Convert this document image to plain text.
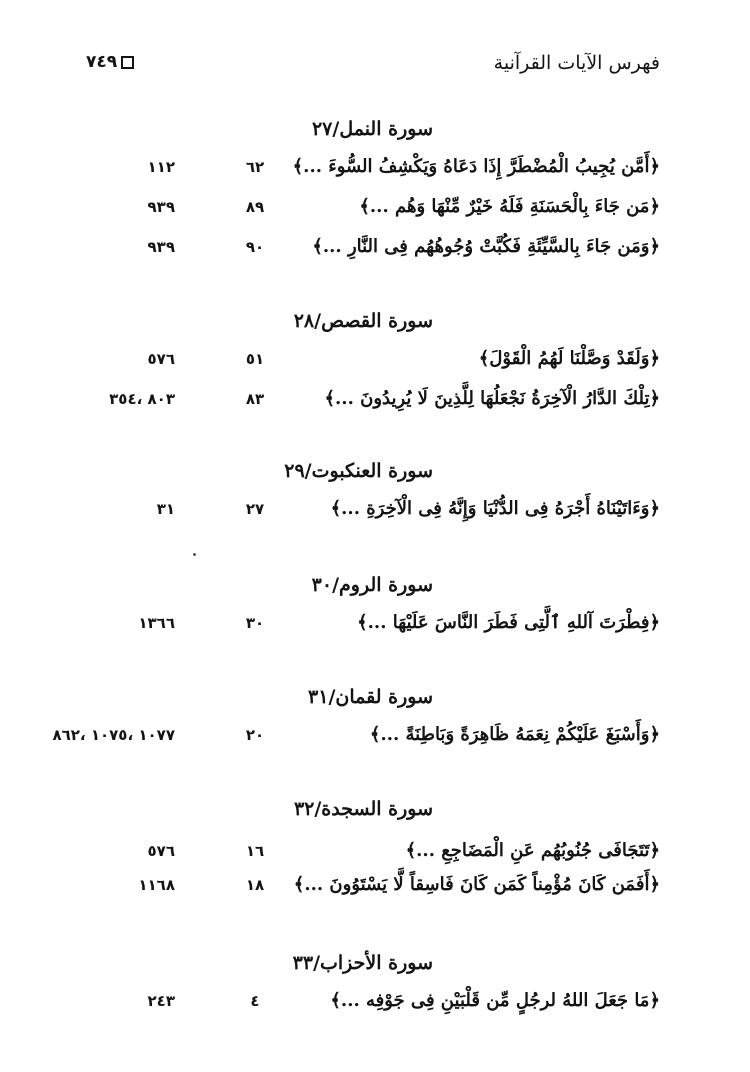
فهرس الآيات القرآنية
٧٤٩
سورة النمل/٢٧
﴿أَمَّن يُجِيبُ الْمُضْطَرَّ إِذَا دَعَاهُ وَيَكْشِفُ السُّوءَ ...﴾
٦٢
١١٢
﴿مَن جَاءَ بِالْحَسَنَةِ فَلَهُ خَيْرٌ مِّنْهَا وَهُم ...﴾
٨٩
٩٣٩
﴿وَمَن جَاءَ بِالسَّيِّئَةِ فَكُبَّتْ وُجُوهُهُم فِى النَّارِ ...﴾
٩٠
٩٣٩
سورة القصص/٢٨
﴿وَلَقَدْ وَصَّلْنَا لَهُمُ الْقَوْلَ﴾
٥١
٥٧٦
﴿تِلْكَ الدَّارُ الْآخِرَةُ نَجْعَلُهَا لِلَّذِينَ لَا يُرِيدُونَ ...﴾
٨٣
٨٠٣ ،٣٥٤
سورة العنكبوت/٢٩
﴿وَءَاتَيْنَاهُ أَجْرَهُ فِى الدُّنْيَا وَإِنَّهُ فِى الْآخِرَةِ ...﴾
٢٧
٣١
سورة الروم/٣٠
﴿فِطْرَتَ آللهِ ٱلَّتِى فَطَرَ النَّاسَ عَلَيْهَا ...﴾
٣٠
١٣٦٦
سورة لقمان/٣١
﴿وَأَسْبَغَ عَلَيْكُمْ نِعَمَهُ ظَاهِرَةً وَبَاطِنَةً ...﴾
٢٠
١٠٧٧ ،١٠٧٥ ،٨٦٢
سورة السجدة/٣٢
﴿تَتَجَافَى جُنُوبُهُم عَنِ الْمَضَاجِعِ ...﴾
١٦
٥٧٦
﴿أَفَمَن كَانَ مُؤْمِناً كَمَن كَانَ فَاسِقاً لَّا يَسْتَوُونَ ...﴾
١٨
١١٦٨
سورة الأحزاب/٣٣
﴿مَا جَعَلَ اللهُ لرجُلٍ مِّن قَلْبَيْنِ فِى جَوْفِه ...﴾
٤
٢٤٣
